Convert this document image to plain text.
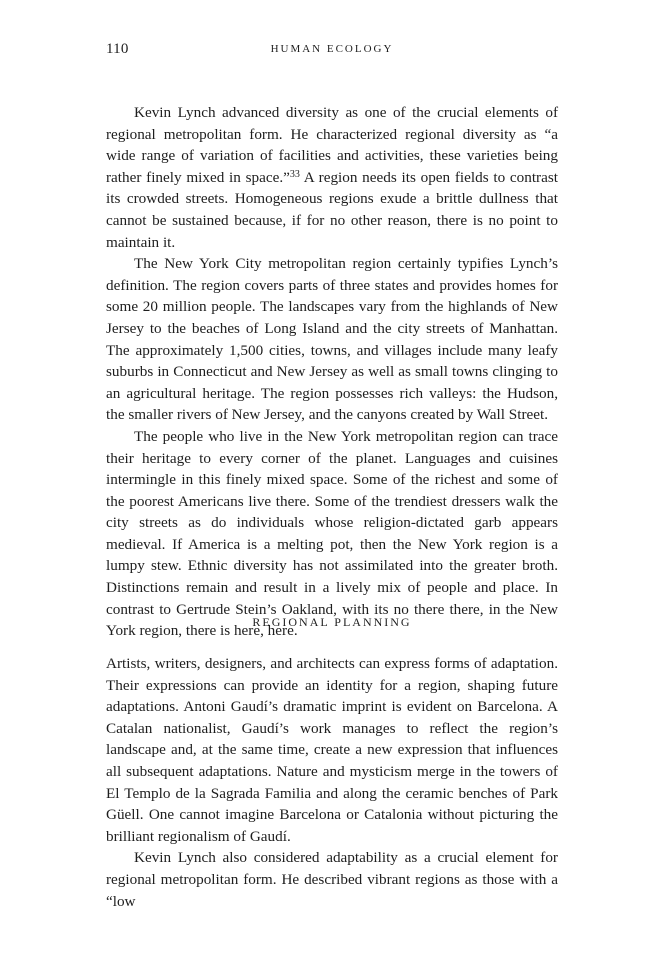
110	HUMAN ECOLOGY

Kevin Lynch advanced diversity as one of the crucial elements of regional metropolitan form. He characterized regional diversity as “a wide range of variation of facilities and activities, these varieties being rather finely mixed in space.”$^{33}$ A region needs its open fields to contrast its crowded streets. Homogeneous regions exude a brittle dullness that cannot be sustained because, if for no other reason, there is no point to maintain it.

The New York City metropolitan region certainly typifies Lynch’s definition. The region covers parts of three states and provides homes for some 20 million people. The landscapes vary from the highlands of New Jersey to the beaches of Long Island and the city streets of Manhattan. The approximately 1,500 cities, towns, and villages include many leafy suburbs in Connecticut and New Jersey as well as small towns clinging to an agricultural heritage. The region possesses rich valleys: the Hudson, the smaller rivers of New Jersey, and the canyons created by Wall Street.

The people who live in the New York metropolitan region can trace their heritage to every corner of the planet. Languages and cuisines intermingle in this finely mixed space. Some of the richest and some of the poorest Americans live there. Some of the trendiest dressers walk the city streets as do individuals whose religion-dictated garb appears medieval. If America is a melting pot, then the New York region is a lumpy stew. Ethnic diversity has not assimilated into the greater broth. Distinctions remain and result in a lively mix of people and place. In contrast to Gertrude Stein’s Oakland, with its no there there, in the New York region, there is here, here.

REGIONAL PLANNING

Artists, writers, designers, and architects can express forms of adaptation. Their expressions can provide an identity for a region, shaping future adaptations. Antoni Gaudí’s dramatic imprint is evident on Barcelona. A Catalan nationalist, Gaudí’s work manages to reflect the region’s landscape and, at the same time, create a new expression that influences all subsequent adaptations. Nature and mysticism merge in the towers of El Templo de la Sagrada Familia and along the ceramic benches of Park Güell. One cannot imagine Barcelona or Catalonia without picturing the brilliant regionalism of Gaudí.

Kevin Lynch also considered adaptability as a crucial element for regional metropolitan form. He described vibrant regions as those with a “low
